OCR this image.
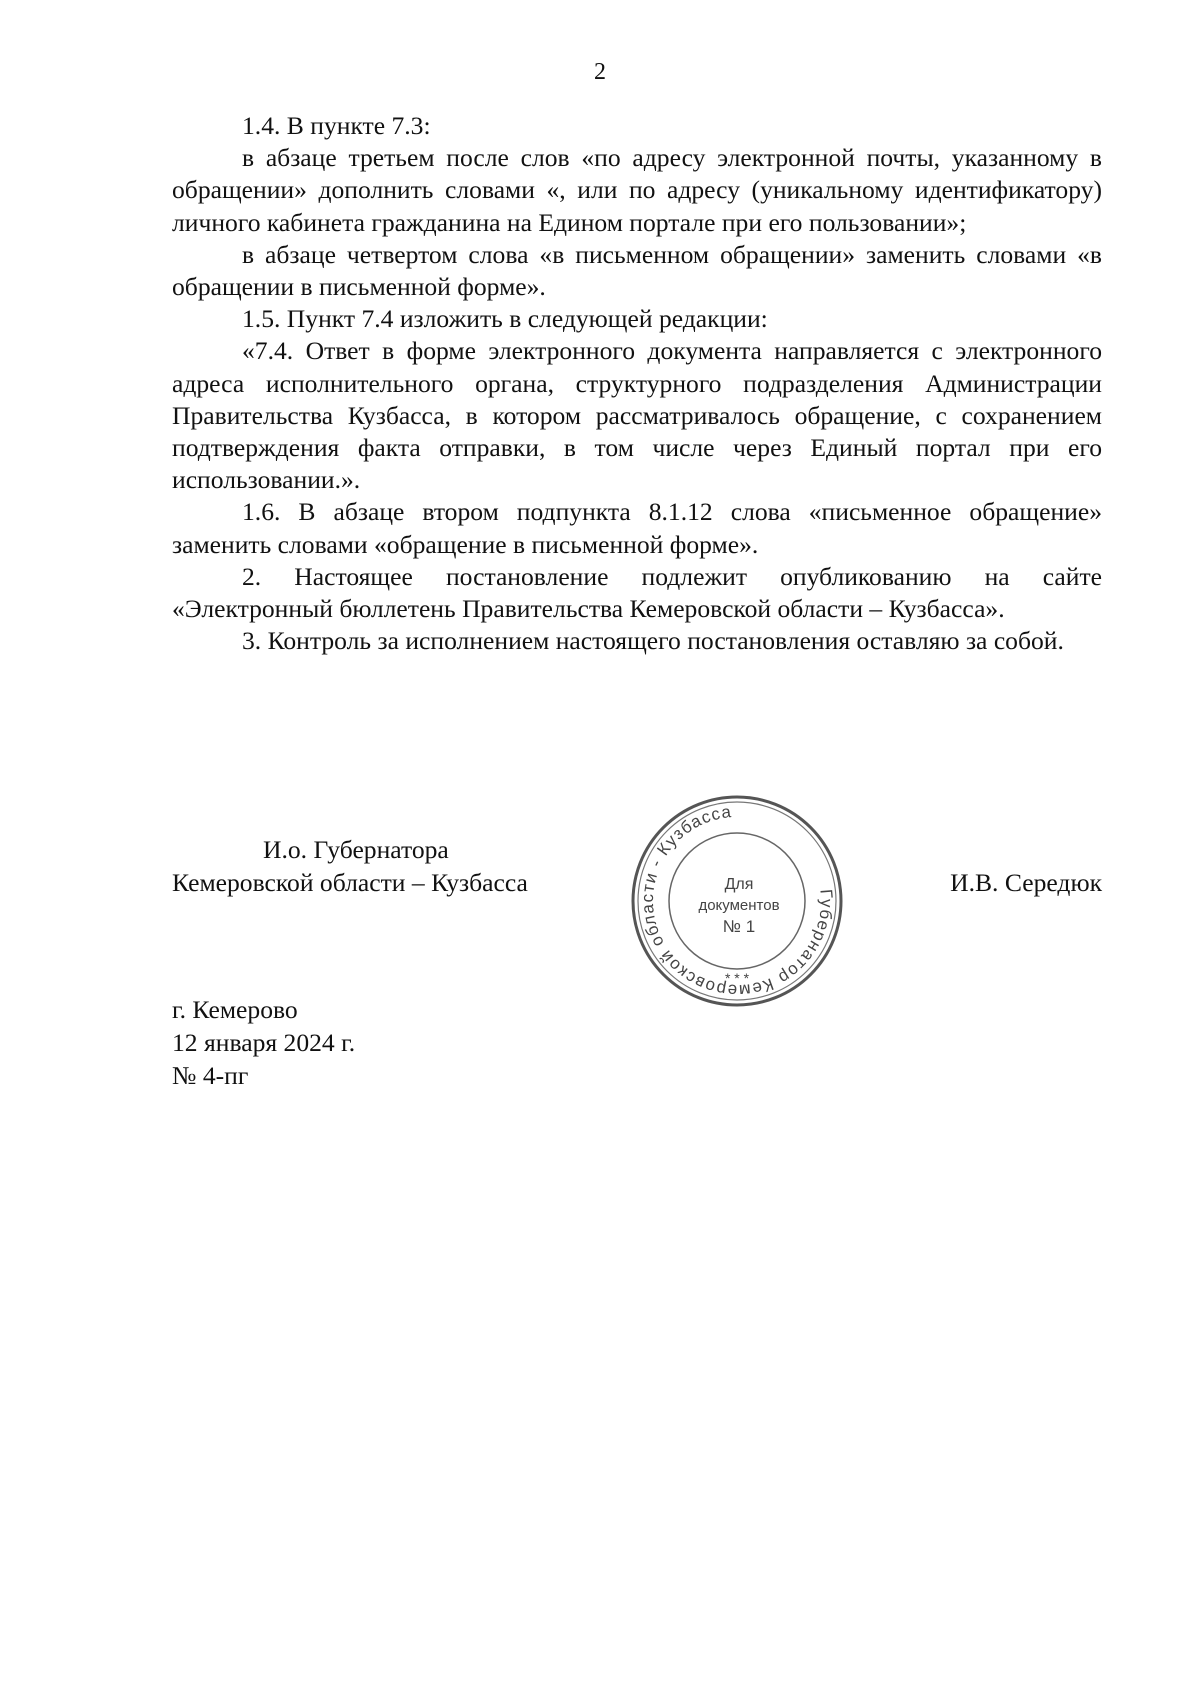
2

1.4. В пункте 7.3:

в абзаце третьем после слов «по адресу электронной почты, указанному в обращении» дополнить словами «, или по адресу (уникальному идентификатору) личного кабинета гражданина на Едином портале при его пользовании»;

в абзаце четвертом слова «в письменном обращении» заменить словами «в обращении в письменной форме».

1.5. Пункт 7.4 изложить в следующей редакции:

«7.4. Ответ в форме электронного документа направляется с электронного адреса исполнительного органа, структурного подразделения Администрации Правительства Кузбасса, в котором рассматривалось обращение, с сохранением подтверждения факта отправки, в том числе через Единый портал при его использовании.».

1.6. В абзаце втором подпункта 8.1.12 слова «письменное обращение» заменить словами «обращение в письменной форме».

2. Настоящее постановление подлежит опубликованию на сайте «Электронный бюллетень Правительства Кемеровской области – Кузбасса».

3. Контроль за исполнением настоящего постановления оставляю за собой.

И.о. Губернатора
Кемеровской области – Кузбасса	Губернатор Кемеровской области - Кузбасса
* * *
Для
документов
№ 1
И.В. Середюк
г. Кемерово
12 января 2024 г.
№ 4-пг
